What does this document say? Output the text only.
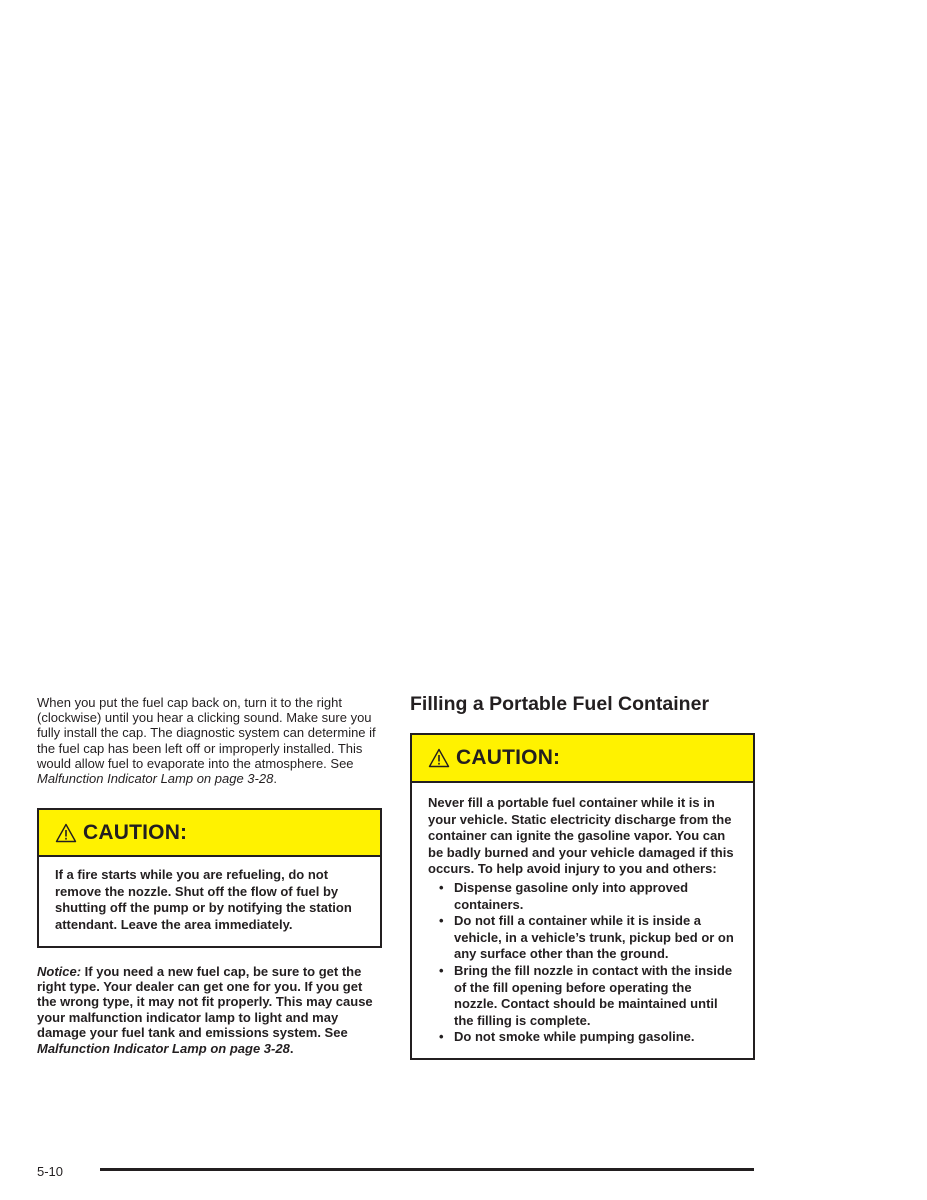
When you put the fuel cap back on, turn it to the right (clockwise) until you hear a clicking sound. Make sure you fully install the cap. The diagnostic system can determine if the fuel cap has been left off or improperly installed. This would allow fuel to evaporate into the atmosphere. See Malfunction Indicator Lamp on page 3-28.

CAUTION:

If a fire starts while you are refueling, do not remove the nozzle. Shut off the flow of fuel by shutting off the pump or by notifying the station attendant. Leave the area immediately.

Notice: If you need a new fuel cap, be sure to get the right type. Your dealer can get one for you. If you get the wrong type, it may not fit properly. This may cause your malfunction indicator lamp to light and may damage your fuel tank and emissions system. See Malfunction Indicator Lamp on page 3-28.

Filling a Portable Fuel Container
CAUTION:

Never fill a portable fuel container while it is in your vehicle. Static electricity discharge from the container can ignite the gasoline vapor. You can be badly burned and your vehicle damaged if this occurs. To help avoid injury to you and others:

• Dispense gasoline only into approved containers.
• Do not fill a container while it is inside a vehicle, in a vehicle’s trunk, pickup bed or on any surface other than the ground.
• Bring the fill nozzle in contact with the inside of the fill opening before operating the nozzle. Contact should be maintained until the filling is complete.
• Do not smoke while pumping gasoline.
5-10
